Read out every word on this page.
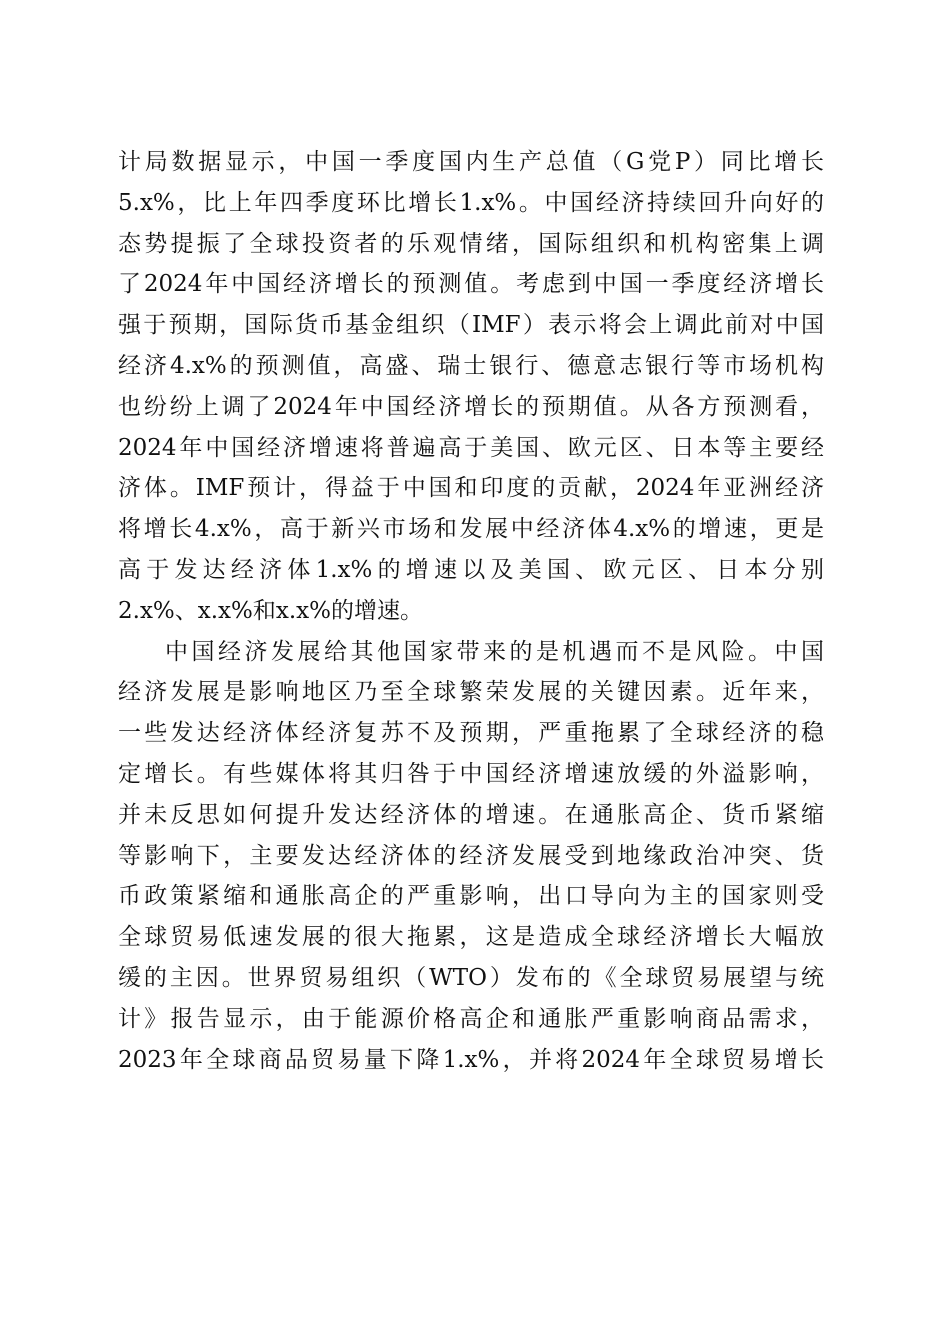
计局数据显示，中国一季度国内生产总值（G党P）同比增长
5.x%，比上年四季度环比增长1.x%。中国经济持续回升向好的
态势提振了全球投资者的乐观情绪，国际组织和机构密集上调
了2024年中国经济增长的预测值。考虑到中国一季度经济增长
强于预期，国际货币基金组织（IMF）表示将会上调此前对中国
经济4.x%的预测值，高盛、瑞士银行、德意志银行等市场机构
也纷纷上调了2024年中国经济增长的预期值。从各方预测看，
2024年中国经济增速将普遍高于美国、欧元区、日本等主要经
济体。IMF预计，得益于中国和印度的贡献，2024年亚洲经济
将增长4.x%，高于新兴市场和发展中经济体4.x%的增速，更是
高于发达经济体1.x%的增速以及美国、欧元区、日本分别
2.x%、x.x%和x.x%的增速。
中国经济发展给其他国家带来的是机遇而不是风险。中国
经济发展是影响地区乃至全球繁荣发展的关键因素。近年来，
一些发达经济体经济复苏不及预期，严重拖累了全球经济的稳
定增长。有些媒体将其归咎于中国经济增速放缓的外溢影响，
并未反思如何提升发达经济体的增速。在通胀高企、货币紧缩
等影响下，主要发达经济体的经济发展受到地缘政治冲突、货
币政策紧缩和通胀高企的严重影响，出口导向为主的国家则受
全球贸易低速发展的很大拖累，这是造成全球经济增长大幅放
缓的主因。世界贸易组织（WTO）发布的《全球贸易展望与统
计》报告显示，由于能源价格高企和通胀严重影响商品需求，
2023年全球商品贸易量下降1.x%，并将2024年全球贸易增长
